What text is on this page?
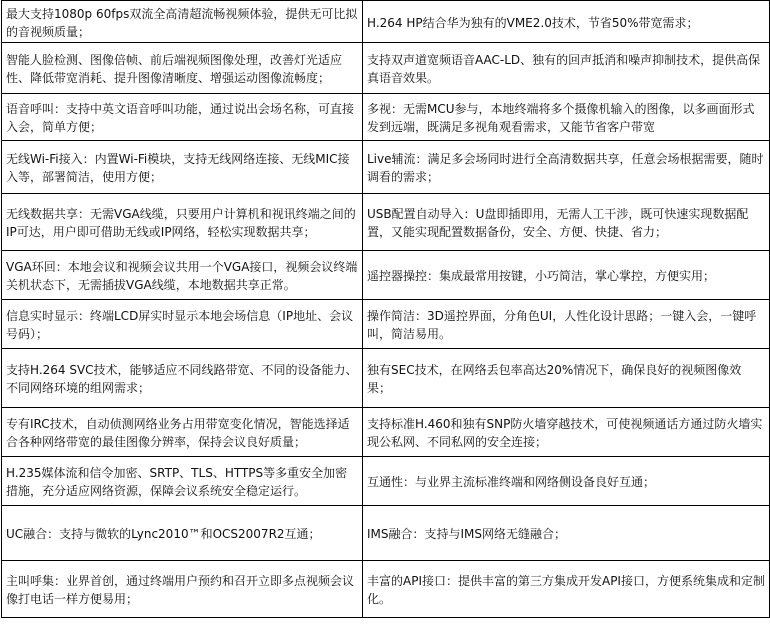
最大支持1080p 60fps双流全高清超流畅视频体验，提供无可比拟的音视频质量；	H.264 HP结合华为独有的VME2.0技术，节省50%带宽需求；
智能人脸检测、图像倍帧、前后端视频图像处理，改善灯光适应性、降低带宽消耗、提升图像清晰度、增强运动图像流畅度；	支持双声道宽频语音AAC-LD、独有的回声抵消和噪声抑制技术，提供高保真语音效果。
语音呼叫：支持中英文语音呼叫功能，通过说出会场名称，可直接入会，简单方便；	多视：无需MCU参与，本地终端将多个摄像机输入的图像，以多画面形式发到远端，既满足多视角观看需求，又能节省客户带宽
无线Wi-Fi接入：内置Wi-Fi模块，支持无线网络连接、无线MIC接入等，部署简洁，使用方便；	Live辅流：满足多会场同时进行全高清数据共享，任意会场根据需要，随时调看的需求；
无线数据共享：无需VGA线缆，只要用户计算机和视讯终端之间的IP可达，用户即可借助无线或IP网络，轻松实现数据共享；	USB配置自动导入：U盘即插即用，无需人工干涉，既可快速实现数据配置，又能实现配置数据备份，安全、方便、快捷、省力；
VGA环回：本地会议和视频会议共用一个VGA接口，视频会议终端关机状态下，无需插拔VGA线缆，本地数据共享正常。	遥控器操控：集成最常用按键，小巧简洁，掌心掌控，方便实用；
信息实时显示：终端LCD屏实时显示本地会场信息（IP地址、会议号码）；	操作简洁：3D遥控界面，分角色UI，人性化设计思路；一键入会，一键呼叫，简洁易用。
支持H.264 SVC技术，能够适应不同线路带宽、不同的设备能力、不同网络环境的组网需求；	独有SEC技术，在网络丢包率高达20%情况下，确保良好的视频图像效果；
专有IRC技术，自动侦测网络业务占用带宽变化情况，智能选择适合各种网络带宽的最佳图像分辨率，保持会议良好质量；	支持标准H.460和独有SNP防火墙穿越技术，可使视频通话方通过防火墙实现公私网、不同私网的安全连接；
H.235媒体流和信令加密、SRTP、TLS、HTTPS等多重安全加密措施，充分适应网络资源，保障会议系统安全稳定运行。	互通性：与业界主流标准终端和网络侧设备良好互通；
UC融合：支持与微软的Lync2010™和OCS2007R2互通；	IMS融合：支持与IMS网络无缝融合；
主叫呼集：业界首创，通过终端用户预约和召开立即多点视频会议像打电话一样方便易用；	丰富的API接口：提供丰富的第三方集成开发API接口，方便系统集成和定制化。
